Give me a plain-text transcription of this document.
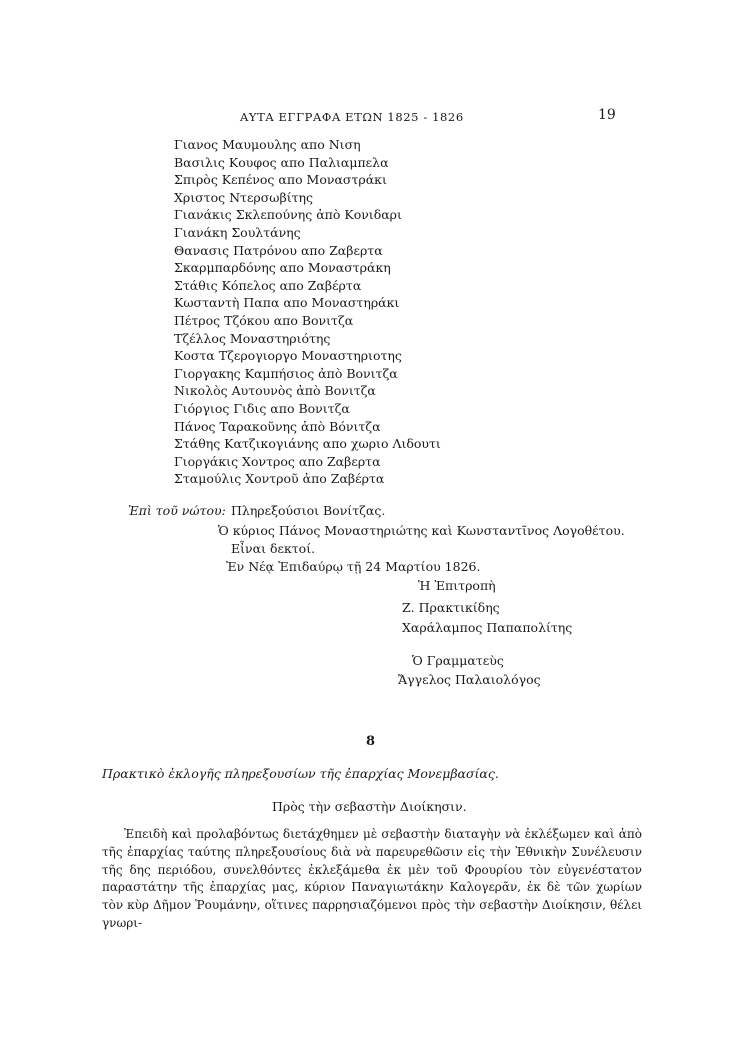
ΑΥΤΑ ΕΓΓΡΑΦΑ ΕΤΩΝ 1825 - 1826	19
Γιανος Μαυμουλης απο Νιση
Βασιλις Κουφος απο Παλιαμπελα
Σπιρὸς Κεπένος απο Μοναστράκι
Χριστος Ντερσωβίτης
Γιανάκις Σκλεπούνης ἀπὸ Κονιδαρι
Γιανάκη Σουλτάνης
Θανασις Πατρόνου απο Ζαβερτα
Σκαρμπαρδόνης απο Μοναστράκη
Στάθις Κόπελος απο Ζαβέρτα
Κωσταντὴ Παπα απο Μοναστηράκι
Πέτρος Τζόκου απο Βονιτζα
Τζέλλος Μοναστηριότης
Κοστα Τζερογιοργο Μοναστηριοτης
Γιοργακης Καμπήσιος ἀπὸ Βονιτζα
Νικολὸς Αυτουνὸς ἀπὸ Βονιτζα
Γιόργιος Γιδις απο Βονιτζα
Πάνος Ταρακοῦνης ἀπὸ Βόνιτζα
Στάθης Κατζικογιάνης απο χωριο Λιδουτι
Γιοργάκις Χοντρος απο Ζαβερτα
Σταμούλις Χοντροῦ ἀπο Ζαβέρτα
Ἐπὶ τοῦ νώτου: Πληρεξούσιοι Βονίτζας.
Ὁ κύριος Πάνος Μοναστηριώτης καὶ Κωνσταντῖνος Λογοθέτου.
Εἶναι δεκτοί.
Ἐν Νέᾳ Ἐπιδαύρῳ τῇ 24 Μαρτίου 1826.
Ἡ Ἐπιτροπὴ
Ζ. Πρακτικίδης
Χαράλαμπος Παπαπολίτης
Ὁ Γραμματεὺς
Ἄγγελος Παλαιολόγος
8
Πρακτικὸ ἐκλογῆς πληρεξουσίων τῆς ἐπαρχίας Μονεμβασίας.
Πρὸς τὴν σεβαστὴν Διοίκησιν.
Ἐπειδὴ καὶ προλαβόντως διετάχθημεν μὲ σεβαστὴν διαταγὴν νὰ ἐκλέξωμεν καὶ ἀπὸ τῆς ἐπαρχίας ταύτης πληρεξουσίους διὰ νὰ παρευρεθῶσιν εἰς τὴν Ἐθνικὴν Συνέλευσιν τῆς δης περιόδου, συνελθόντες ἐκλεξάμεθα ἐκ μὲν τοῦ Φρουρίου τὸν εὐγενέστατον παραστάτην τῆς ἐπαρχίας μας, κύριον Παναγιωτάκην Καλογερᾶν, ἐκ δὲ τῶν χωρίων τὸν κὺρ Δῆμον Ῥουμάνην, οἵτινες παρρησιαζόμενοι πρὸς τὴν σεβαστὴν Διοίκησιν, θέλει γνωρι-
